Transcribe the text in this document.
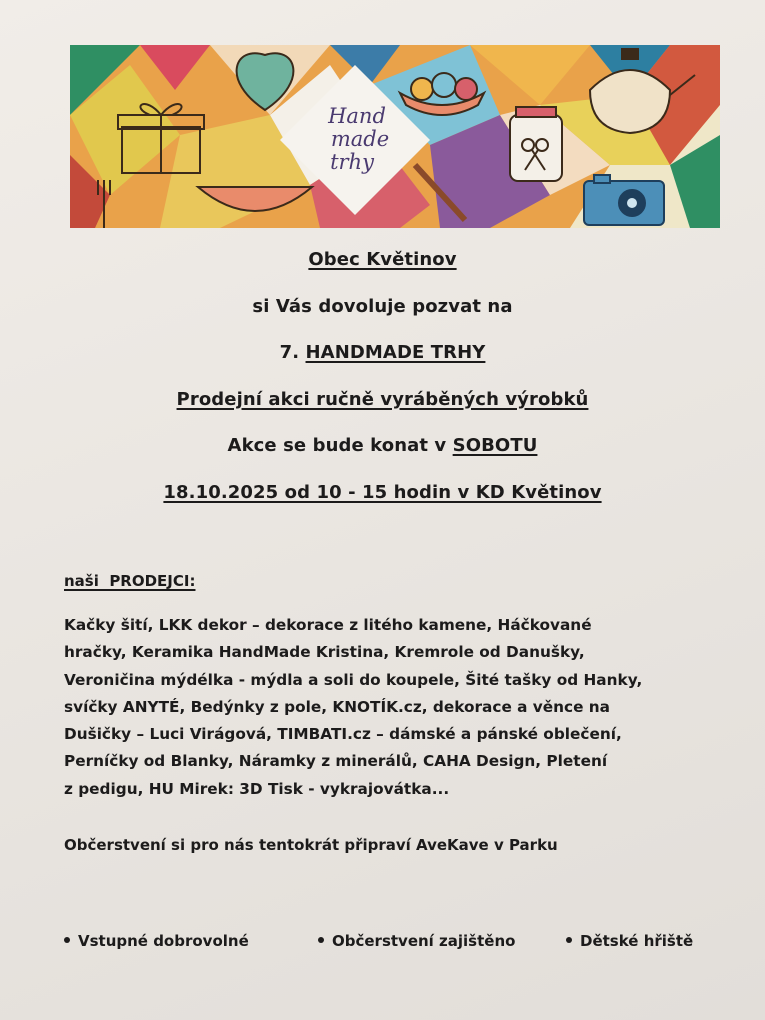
Hand
made
trhy
Obec Květinov
si Vás dovoluje pozvat na
7. HANDMADE TRHY
Prodejní akci ručně vyráběných výrobků
Akce se bude konat v SOBOTU
18.10.2025 od 10 - 15 hodin v KD Květinov
naši  PRODEJCI:
Kačky šití, LKK dekor – dekorace z litého kamene, Háčkované
hračky, Keramika HandMade Kristina, Kremrole od Danušky,
Veroničina mýdélka - mýdla a soli do koupele, Šité tašky od Hanky,
svíčky ANYTÉ, Bedýnky z pole, KNOTÍK.cz, dekorace a věnce na
Dušičky – Luci Virágová, TIMBATI.cz – dámské a pánské oblečení,
Perníčky od Blanky, Náramky z minerálů, CAHA Design, Pletení
z pedigu, HU Mirek: 3D Tisk - vykrajovátka...
Občerstvení si pro nás tentokrát připraví AveKave v Parku
Vstupné dobrovolné	Občerstvení zajištěno	Dětské hřiště
